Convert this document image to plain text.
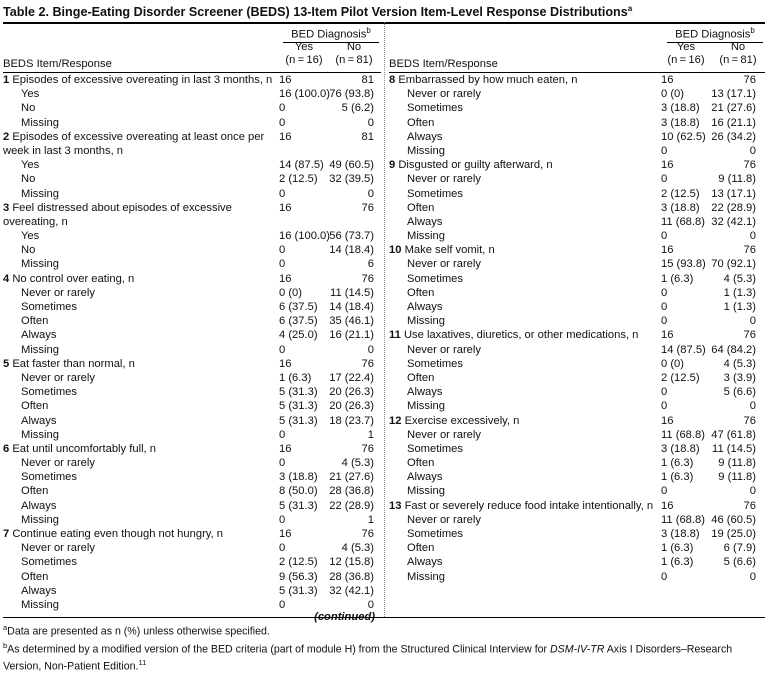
Table 2. Binge-Eating Disorder Screener (BEDS) 13-Item Pilot Version Item-Level Response Distributions$^a$
BED Diagnosis$^b$
Yes
(n = 16)
No
(n = 81)
BEDS Item/Response
1 Episodes of excessive overeating in last 3 months, n 16	81
Yes	16 (100.0) 76 (93.8)
No	0	5 (6.2)
Missing	0	0
2 Episodes of excessive overeating at least once per week in last 3 months, n
16	81
Yes	14 (87.5) 49 (60.5)
No	2 (12.5) 32 (39.5)
Missing	0	0
3 Feel distressed about episodes of excessive overeating, n
16	76
Yes	16 (100.0) 56 (73.7)
No	0	14 (18.4)
Missing	0	6
4 No control over eating, n	16	76
Never or rarely	0 (0)	11 (14.5)
Sometimes	6 (37.5) 14 (18.4)
Often	6 (37.5) 35 (46.1)
Always	4 (25.0) 16 (21.1)
Missing	0	0
5 Eat faster than normal, n	16	76
Never or rarely	1 (6.3) 17 (22.4)
Sometimes	5 (31.3) 20 (26.3)
Often	5 (31.3) 20 (26.3)
Always	5 (31.3) 18 (23.7)
Missing	0	1
6 Eat until uncomfortably full, n	16	76
Never or rarely	0	4 (5.3)
Sometimes	3 (18.8) 21 (27.6)
Often	8 (50.0) 28 (36.8)
Always	5 (31.3) 22 (28.9)
Missing	0	1
7 Continue eating even though not hungry, n	16	76
Never or rarely	0	4 (5.3)
Sometimes	2 (12.5) 12 (15.8)
Often	9 (56.3) 28 (36.8)
Always	5 (31.3) 32 (42.1)
Missing	0	0
(continued)
BED Diagnosis$^b$
Yes
(n = 16)
No
(n = 81)
BEDS Item/Response
8 Embarrassed by how much eaten, n	16	76
Never or rarely	0 (0) 13 (17.1)
Sometimes	3 (18.8) 21 (27.6)
Often	3 (18.8) 16 (21.1)
Always	10 (62.5) 26 (34.2)
Missing	0	0
9 Disgusted or guilty afterward, n	16	76
Never or rarely	0	9 (11.8)
Sometimes	2 (12.5) 13 (17.1)
Often	3 (18.8) 22 (28.9)
Always	11 (68.8) 32 (42.1)
Missing	0	0
10 Make self vomit, n	16	76
Never or rarely	15 (93.8) 70 (92.1)
Sometimes	1 (6.3)	4 (5.3)
Often	0	1 (1.3)
Always	0	1 (1.3)
Missing	0	0
11 Use laxatives, diuretics, or other medications, n 16	76
Never or rarely	14 (87.5) 64 (84.2)
Sometimes	0 (0)	4 (5.3)
Often	2 (12.5)	3 (3.9)
Always	0	5 (6.6)
Missing	0	0
12 Exercise excessively, n	16	76
Never or rarely	11 (68.8) 47 (61.8)
Sometimes	3 (18.8) 11 (14.5)
Often	1 (6.3)	9 (11.8)
Always	1 (6.3)	9 (11.8)
Missing	0	0
13 Fast or severely reduce food intake intentionally, n 16	76
Never or rarely	11 (68.8) 46 (60.5)
Sometimes	3 (18.8) 19 (25.0)
Often	1 (6.3)	6 (7.9)
Always	1 (6.3)	5 (6.6)
Missing	0	0
$^a$Data are presented as n (%) unless otherwise specified.
$^b$As determined by a modified version of the BED criteria (part of module H) from the Structured Clinical Interview for DSM-IV-TR Axis I Disorders–Research Version, Non-Patient Edition.$^{11}$
